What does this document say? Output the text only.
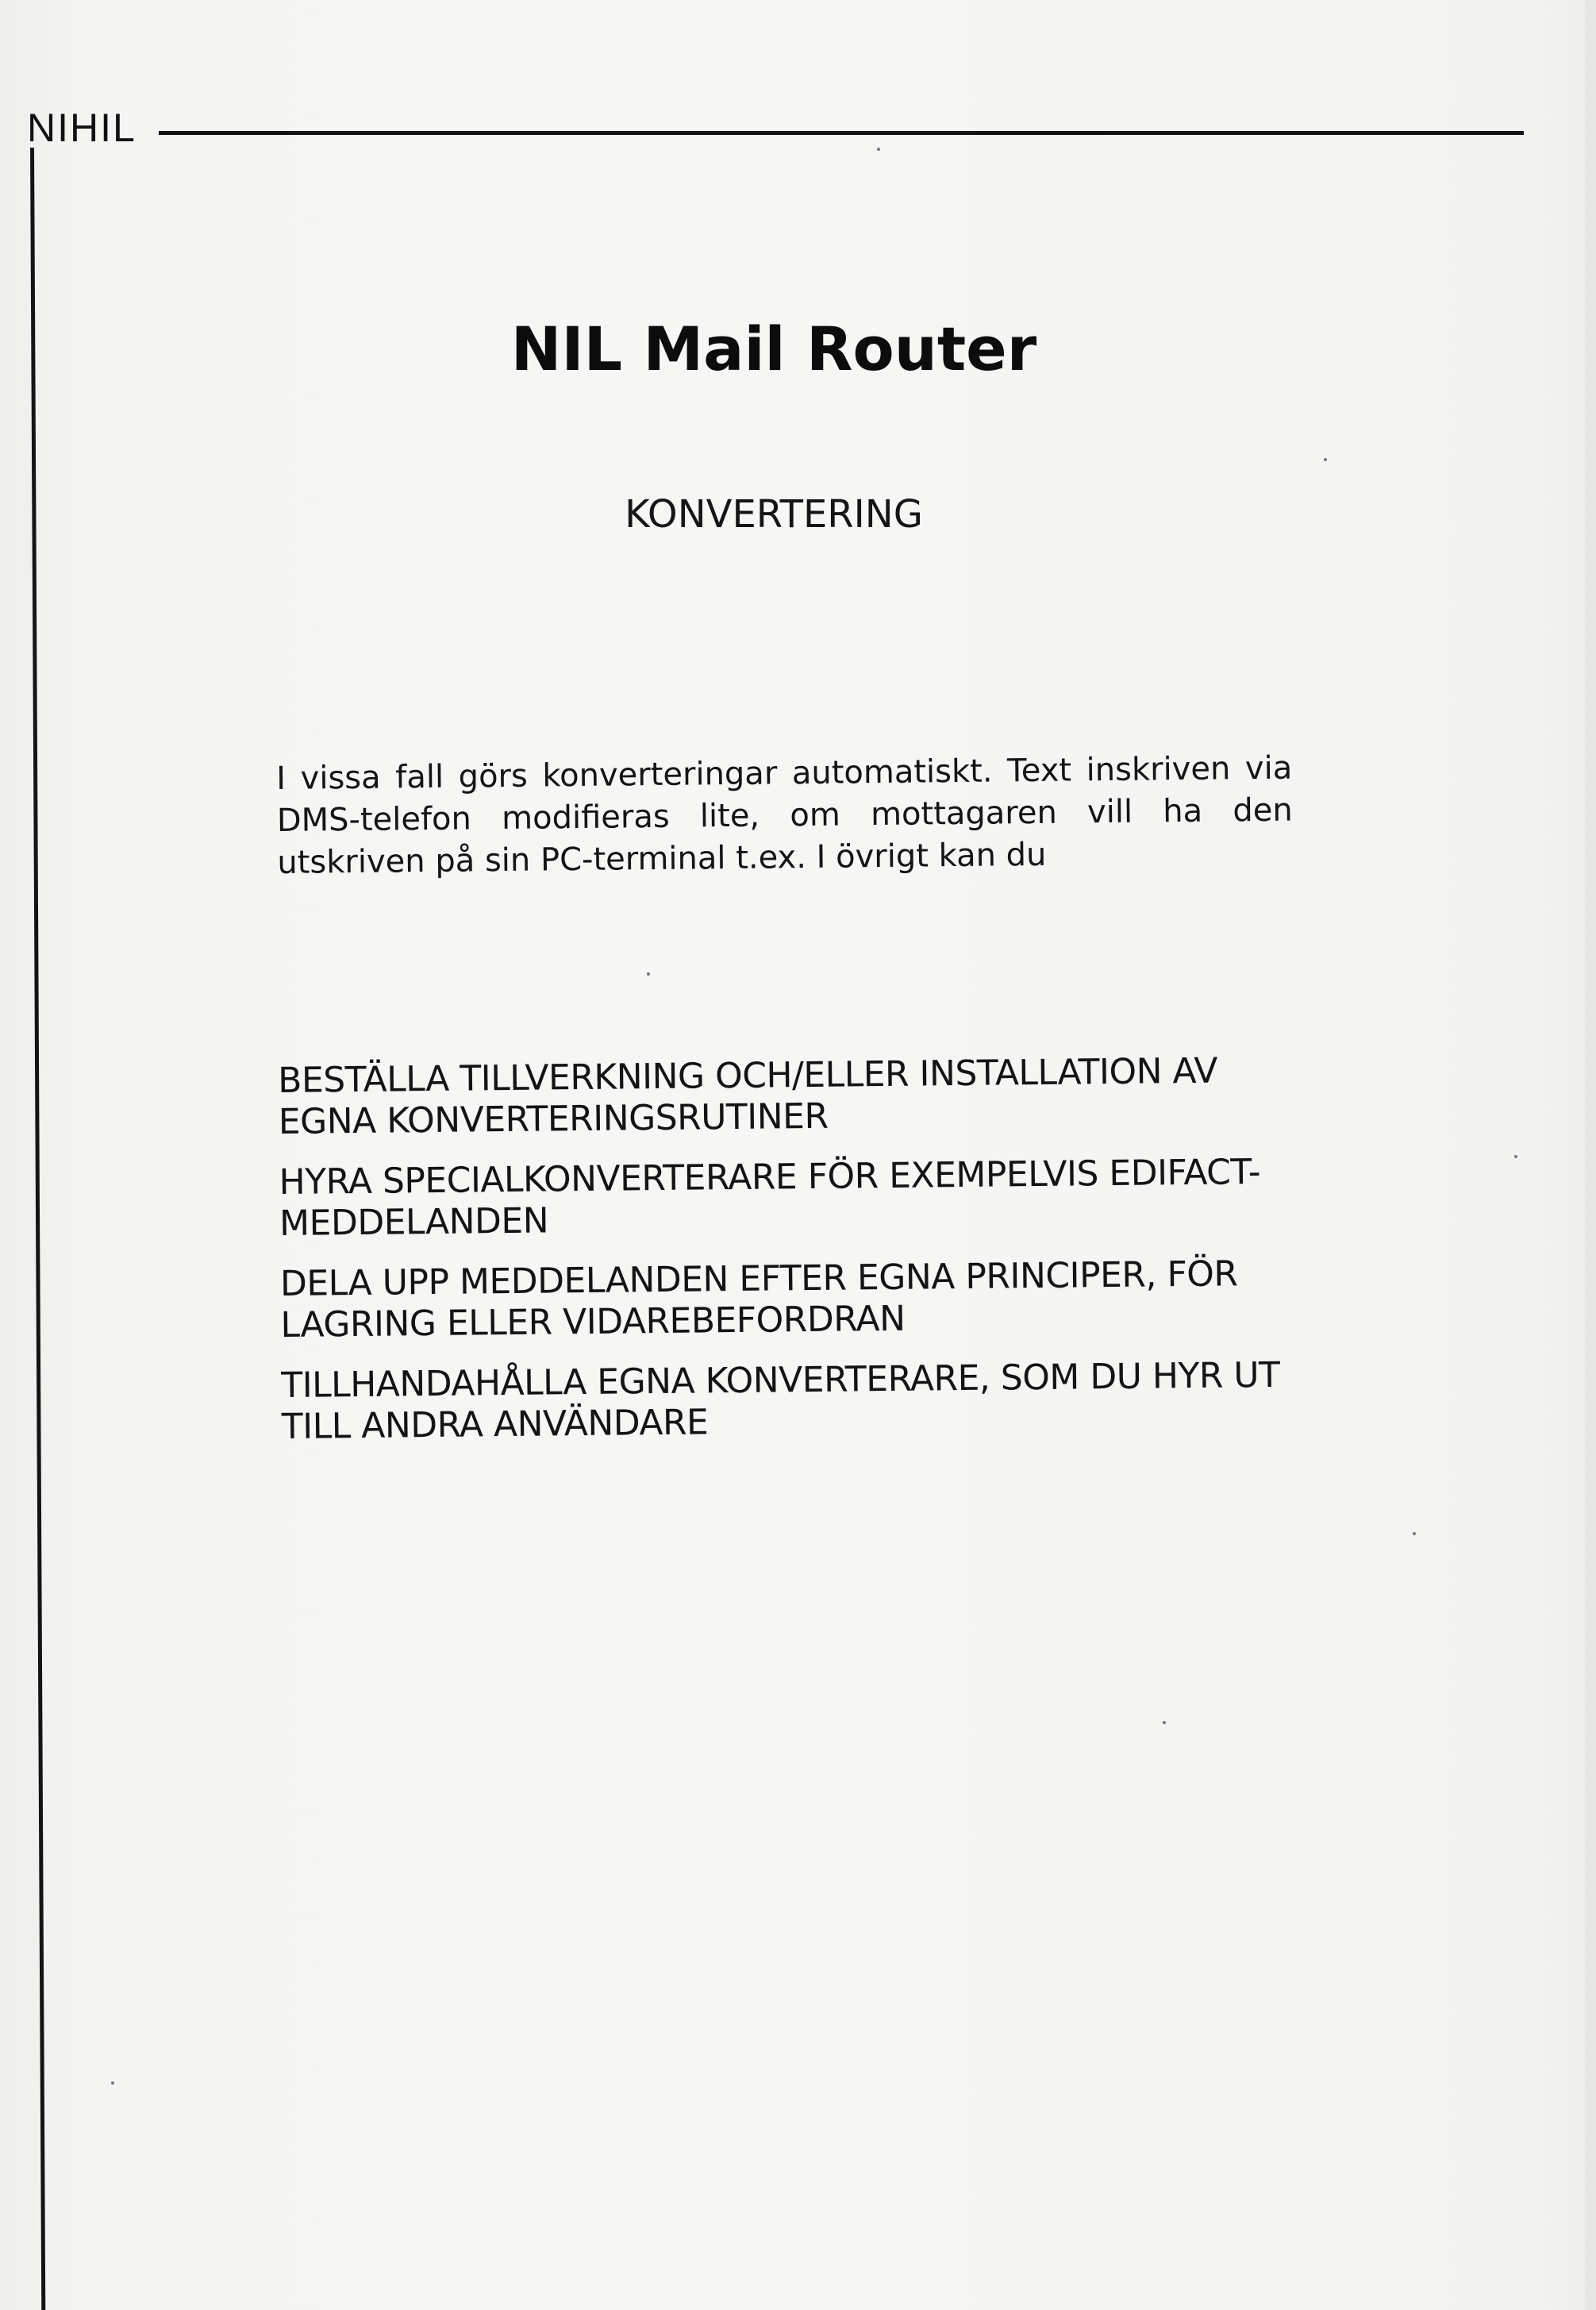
NIHIL
NIL Mail Router
KONVERTERING
I vissa fall görs konverteringar automatiskt. Text inskriven via DMS-telefon modifieras lite, om mottagaren vill ha den utskriven på sin PC-terminal t.ex. I övrigt kan du
BESTÄLLA TILLVERKNING OCH/ELLER INSTALLATION AV EGNA KONVERTERINGSRUTINER
HYRA SPECIALKONVERTERARE FÖR EXEMPELVIS EDIFACT-MEDDELANDEN
DELA UPP MEDDELANDEN EFTER EGNA PRINCIPER, FÖR LAGRING ELLER VIDAREBEFORDRAN
TILLHANDAHÅLLA EGNA KONVERTERARE, SOM DU HYR UT TILL ANDRA ANVÄNDARE
